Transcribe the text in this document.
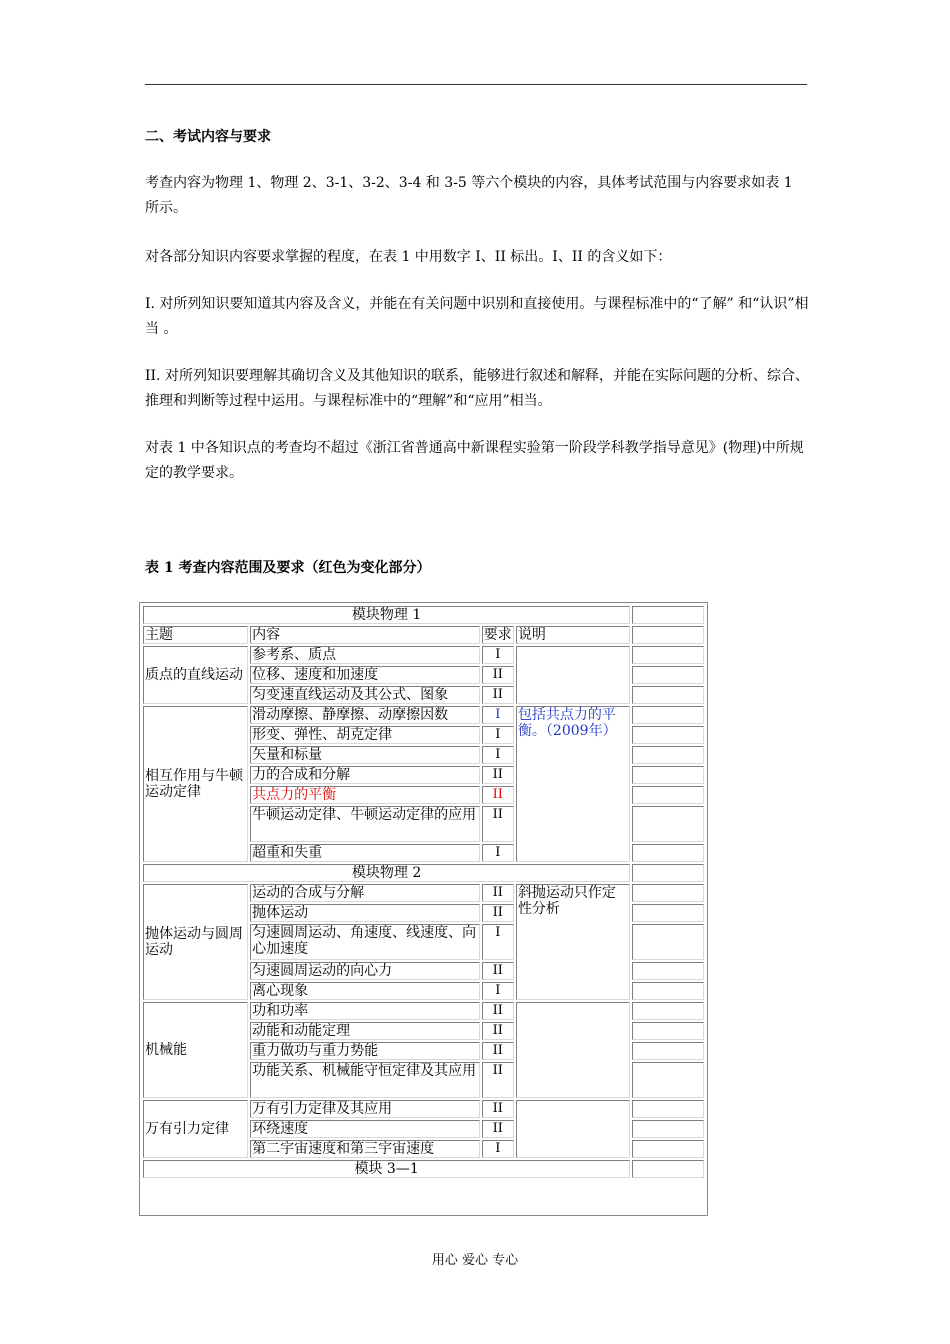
二、考试内容与要求
考查内容为物理 1、物理 2、3-1、3-2、3-4 和 3-5 等六个模块的内容，具体考试范围与内容要求如表 1 所示。
对各部分知识内容要求掌握的程度，在表 1 中用数字 I、II 标出。I、II 的含义如下：
I. 对所列知识要知道其内容及含义，并能在有关问题中识别和直接使用。与课程标准中的“了解” 和“认识”相当 。
II. 对所列知识要理解其确切含义及其他知识的联系，能够进行叙述和解释，并能在实际问题的分析、综合、推理和判断等过程中运用。与课程标准中的“理解”和“应用”相当。
对表 1 中各知识点的考查均不超过《浙江省普通高中新课程实验第一阶段学科教学指导意见》(物理)中所规定的教学要求。
表 1 考查内容范围及要求（红色为变化部分）
模块物理 1				
主题	内容	要求	说明	
质点的直线运动	参考系、质点	I		
	位移、速度和加速度	II		
	匀变速直线运动及其公式、图象	II		
相互作用与牛顿运动定律	滑动摩擦、静摩擦、动摩擦因数	I	包括共点力的平衡。（2009年）	
	形变、弹性、胡克定律	I		
	矢量和标量	I		
	力的合成和分解	II		
	共点力的平衡	II		
	牛顿运动定律、牛顿运动定律的应用	II		
	超重和失重	I		
模块物理 2				
抛体运动与圆周运动	运动的合成与分解	II	斜抛运动只作定性分析	
	抛体运动	II		
	匀速圆周运动、角速度、线速度、向心加速度	I		
	匀速圆周运动的向心力	II		
	离心现象	I		
机械能	功和功率	II		
	动能和动能定理	II		
	重力做功与重力势能	II		
	功能关系、机械能守恒定律及其应用	II		
万有引力定律	万有引力定律及其应用	II		
	环绕速度	II		
	第二宇宙速度和第三宇宙速度	I		
模块 3—1				
用心 爱心 专心
